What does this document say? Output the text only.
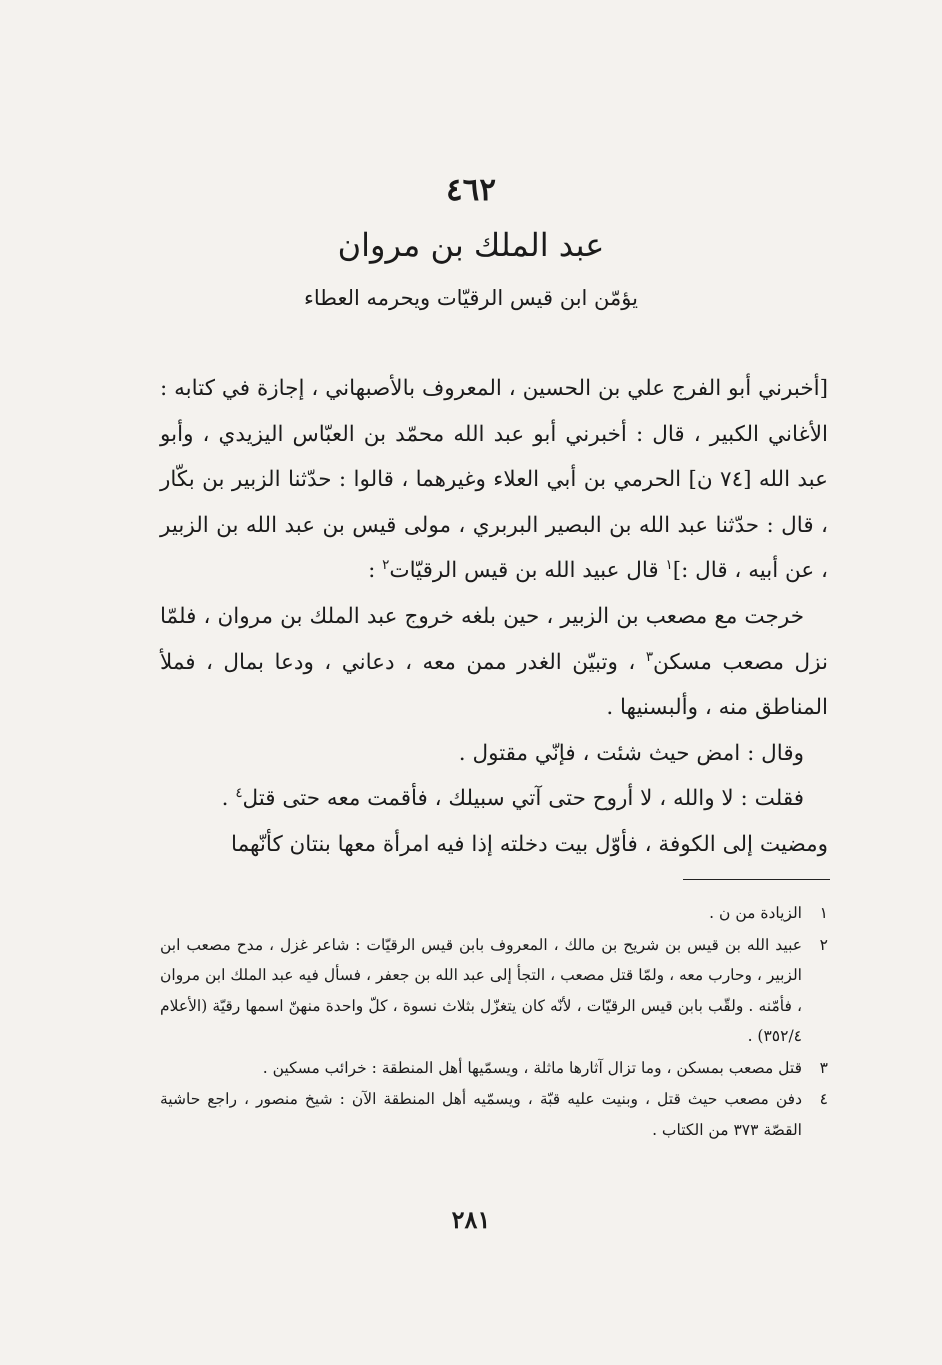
٤٦٢
عبد الملك بن مروان
يؤمّن ابن قيس الرقيّات ويحرمه العطاء

[أخبرني أبو الفرج علي بن الحسين ، المعروف بالأصبهاني ، إجازة في كتابه : الأغاني الكبير ، قال : أخبرني أبو عبد الله محمّد بن العبّاس اليزيدي ، وأبو عبد الله [٧٤ ن] الحرمي بن أبي العلاء وغيرهما ، قالوا : حدّثنا الزبير بن بكّار ، قال : حدّثنا عبد الله بن البصير البربري ، مولى قيس بن عبد الله بن الزبير ، عن أبيه ، قال :]$^١$ قال عبيد الله بن قيس الرقيّات$^٢$ :

خرجت مع مصعب بن الزبير ، حين بلغه خروج عبد الملك بن مروان ، فلمّا نزل مصعب مسكن$^٣$ ، وتبيّن الغدر ممن معه ، دعاني ، ودعا بمال ، فملأ المناطق منه ، وألبسنيها .

وقال : امض حيث شئت ، فإنّي مقتول .

فقلت : لا والله ، لا أروح حتى آتي سبيلك ، فأقمت معه حتى قتل$^٤$ .

ومضيت إلى الكوفة ، فأوّل بيت دخلته إذا فيه امرأة معها بنتان كأنّهما

١
الزيادة من ن .
٢
عبيد الله بن قيس بن شريح بن مالك ، المعروف بابن قيس الرقيّات : شاعر غزل ، مدح مصعب ابن الزبير ، وحارب معه ، ولمّا قتل مصعب ، التجأ إلى عبد الله بن جعفر ، فسأل فيه عبد الملك ابن مروان ، فأمّنه . ولقّب بابن قيس الرقيّات ، لأنّه كان يتغزّل بثلاث نسوة ، كلّ واحدة منهنّ اسمها رقيّة (الأعلام ٣٥٢/٤) .
٣
قتل مصعب بمسكن ، وما تزال آثارها ماثلة ، ويسمّيها أهل المنطقة : خرائب مسكين .
٤
دفن مصعب حيث قتل ، وبنيت عليه قبّة ، ويسمّيه أهل المنطقة الآن : شيخ منصور ، راجع حاشية القصّة ٣٧٣ من الكتاب .
٢٨١
